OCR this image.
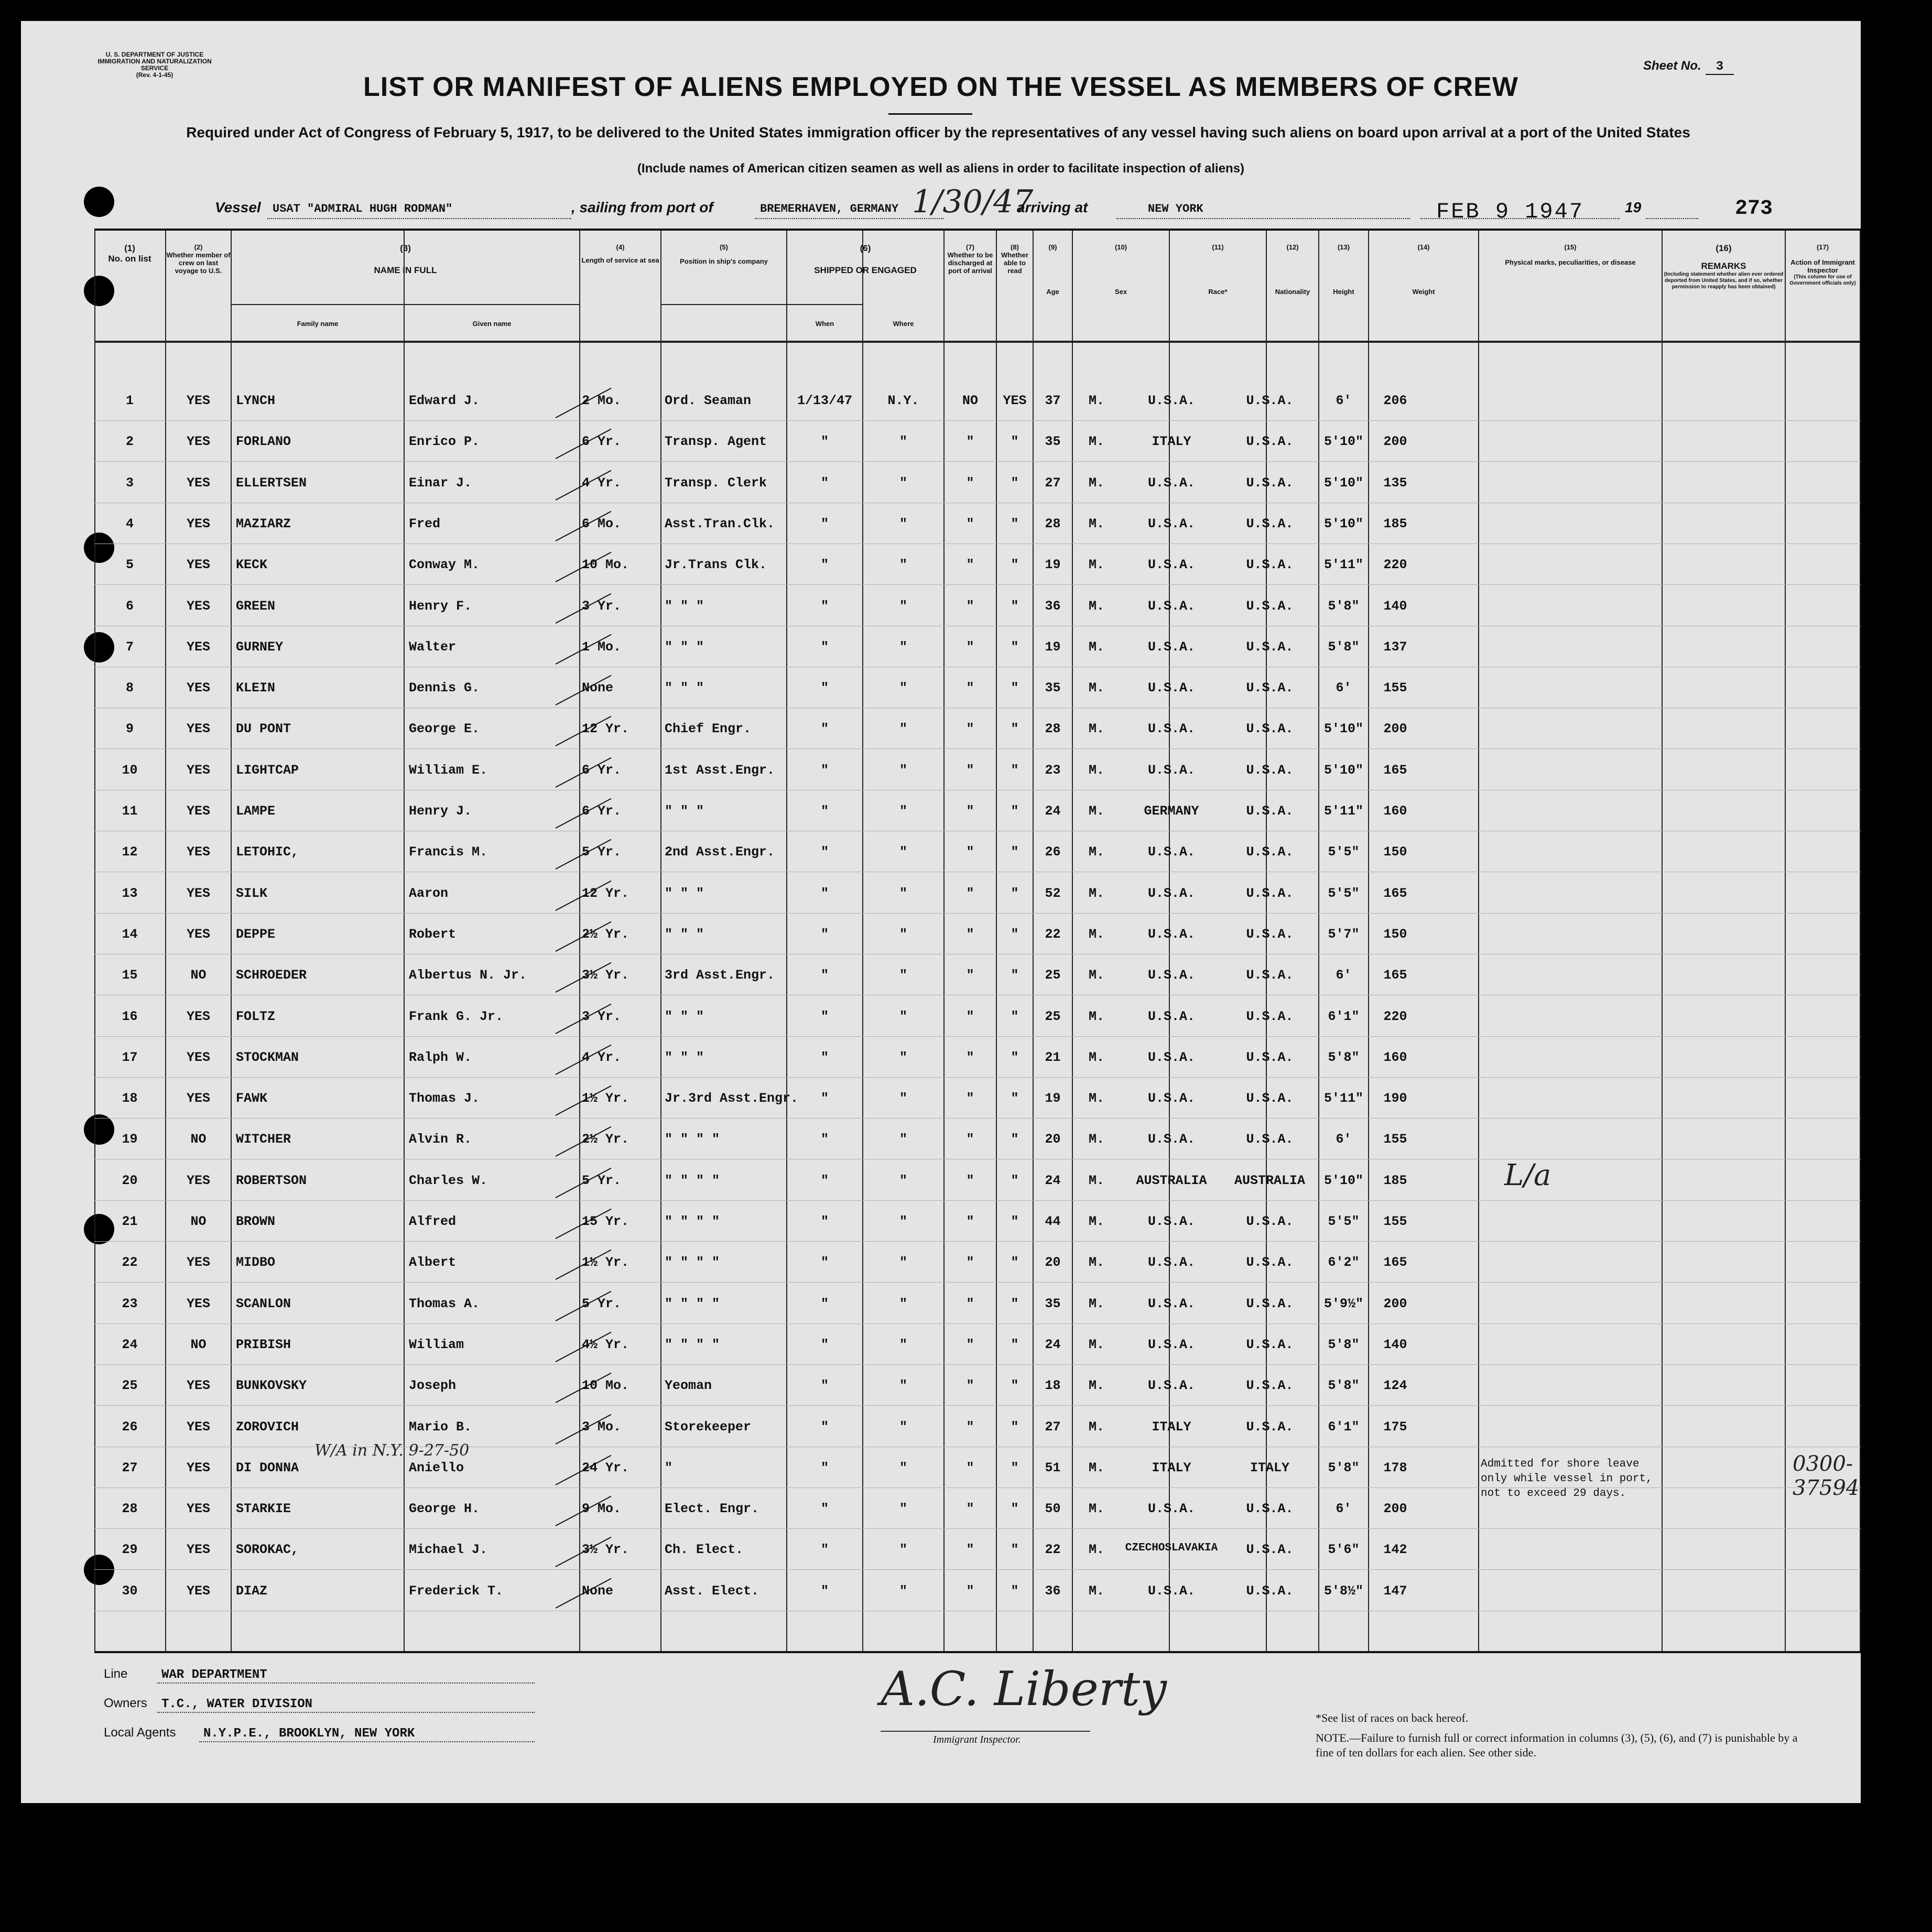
U. S. DEPARTMENT OF JUSTICE
IMMIGRATION AND NATURALIZATION SERVICE
(Rev. 4-1-45)
Sheet No. 3
LIST OR MANIFEST OF ALIENS EMPLOYED ON THE VESSEL AS MEMBERS OF CREW
Required under Act of Congress of February 5, 1917, to be delivered to the United States immigration officer by the representatives of any vessel having such aliens on board upon arrival at a port of the United States
(Include names of American citizen seamen as well as aliens in order to facilitate inspection of aliens)
Vessel USAT "ADMIRAL HUGH RODMAN"	, sailing from port of	BREMERHAVEN, GERMANY 1/30/47
arriving at	NEW YORK	FEB 9 1947	19	273
(1)
No. on list
(2)
Whether member of crew on last voyage to U.S.
(3)
NAME IN FULL
Family name	Given name
(4)
Length of service at sea
(5)
Position in ship's company
(6)
SHIPPED OR ENGAGED
When	Where
(7)
Whether to be discharged at port of arrival
(8)
Whether able to read
(9)
Age
(10)
Sex
(11)
Race*
(12)
Nationality
(13)
Height
(14)
Weight
(15)
Physical marks, peculiarities, or disease
(16)
REMARKS
(Including statement whether alien ever ordered deported from United States, and if so, whether permission to reapply has been obtained)
(17)
Action of Immigrant Inspector
(This column for use of Government officials only)
1	YES	LYNCH	Edward J.	2 Mo.	Ord. Seaman	1/13/47	N.Y.	NO	YES	37	M.	U.S.A.	U.S.A.	6'	206
2	YES	FORLANO	Enrico P.	6 Yr.	Transp. Agent	"	"	"	"	35	M.	ITALY	U.S.A.	5'10"	200
3	YES	ELLERTSEN	Einar J.	4 Yr.	Transp. Clerk	"	"	"	"	27	M.	U.S.A.	U.S.A.	5'10"	135
4	YES	MAZIARZ	Fred	6 Mo.	Asst.Tran.Clk.	"	"	"	"	28	M.	U.S.A.	U.S.A.	5'10"	185
5	YES	KECK	Conway M.	10 Mo.	Jr.Trans Clk.	"	"	"	"	19	M.	U.S.A.	U.S.A.	5'11"	220
6	YES	GREEN	Henry F.	3 Yr.	" " "	"	"	"	"	36	M.	U.S.A.	U.S.A.	5'8"	140
7	YES	GURNEY	Walter	1 Mo.	" " "	"	"	"	"	19	M.	U.S.A.	U.S.A.	5'8"	137
8	YES	KLEIN	Dennis G.	None	" " "	"	"	"	"	35	M.	U.S.A.	U.S.A.	6'	155
9	YES	DU PONT	George E.	12 Yr.	Chief Engr.	"	"	"	"	28	M.	U.S.A.	U.S.A.	5'10"	200
10	YES	LIGHTCAP	William E.	6 Yr.	1st Asst.Engr.	"	"	"	"	23	M.	U.S.A.	U.S.A.	5'10"	165
11	YES	LAMPE	Henry J.	6 Yr.	" " "	"	"	"	"	24	M.	GERMANY	U.S.A.	5'11"	160
12	YES	LETOHIC,	Francis M.	5 Yr.	2nd Asst.Engr.	"	"	"	"	26	M.	U.S.A.	U.S.A.	5'5"	150
13	YES	SILK	Aaron	12 Yr.	" " "	"	"	"	"	52	M.	U.S.A.	U.S.A.	5'5"	165
14	YES	DEPPE	Robert	2½ Yr.	" " "	"	"	"	"	22	M.	U.S.A.	U.S.A.	5'7"	150
15	NO	SCHROEDER	Albertus N. Jr.	3½ Yr.	3rd Asst.Engr.	"	"	"	"	25	M.	U.S.A.	U.S.A.	6'	165
16	YES	FOLTZ	Frank G. Jr.	3 Yr.	" " "	"	"	"	"	25	M.	U.S.A.	U.S.A.	6'1"	220
17	YES	STOCKMAN	Ralph W.	4 Yr.	" " "	"	"	"	"	21	M.	U.S.A.	U.S.A.	5'8"	160
18	YES	FAWK	Thomas J.	1½ Yr.	Jr.3rd Asst.Engr.	"	"	"	"	19	M.	U.S.A.	U.S.A.	5'11"	190
19	NO	WITCHER	Alvin R.	2½ Yr.	" " " "	"	"	"	"	20	M.	U.S.A.	U.S.A.	6'	155
20	YES	ROBERTSON	Charles W.	5 Yr.	" " " "	"	"	"	"	24	M.	AUSTRALIA	AUSTRALIA	5'10"	185
21	NO	BROWN	Alfred	15 Yr.	" " " "	"	"	"	"	44	M.	U.S.A.	U.S.A.	5'5"	155
22	YES	MIDBO	Albert	1½ Yr.	" " " "	"	"	"	"	20	M.	U.S.A.	U.S.A.	6'2"	165
23	YES	SCANLON	Thomas A.	5 Yr.	" " " "	"	"	"	"	35	M.	U.S.A.	U.S.A.	5'9½"	200
24	NO	PRIBISH	William	4½ Yr.	" " " "	"	"	"	"	24	M.	U.S.A.	U.S.A.	5'8"	140
25	YES	BUNKOVSKY	Joseph	10 Mo.	Yeoman	"	"	"	"	18	M.	U.S.A.	U.S.A.	5'8"	124
26	YES	ZOROVICH	Mario B.	3 Mo.	Storekeeper	"	"	"	"	27	M.	ITALY	U.S.A.	6'1"	175
27	YES	DI DONNA	Aniello	24 Yr.	"	"	"	"	"	51	M.	ITALY	ITALY	5'8"	178
28	YES	STARKIE	George H.	9 Mo.	Elect. Engr.	"	"	"	"	50	M.	U.S.A.	U.S.A.	6'	200
29	YES	SOROKAC,	Michael J.	3½ Yr.	Ch. Elect.	"	"	"	"	22	M.	CZECHOSLAVAKIA	U.S.A.	5'6"	142
30	YES	DIAZ	Frederick T.	None	Asst. Elect.	"	"	"	"	36	M.	U.S.A.	U.S.A.	5'8½"	147
L/a
W/A in N.Y. 9-27-50
Admitted for shore leave only while vessel in port, not to exceed 29 days.
0300-37594
Line	WAR DEPARTMENT
Owners T.C., WATER DIVISION
Local Agents N.Y.P.E., BROOKLYN, NEW YORK
A.C. Liberty
Immigrant Inspector.
*See list of races on back hereof.
NOTE.—Failure to furnish full or correct information in columns (3), (5), (6), and (7) is punishable by a fine of ten dollars for each alien. See other side.
